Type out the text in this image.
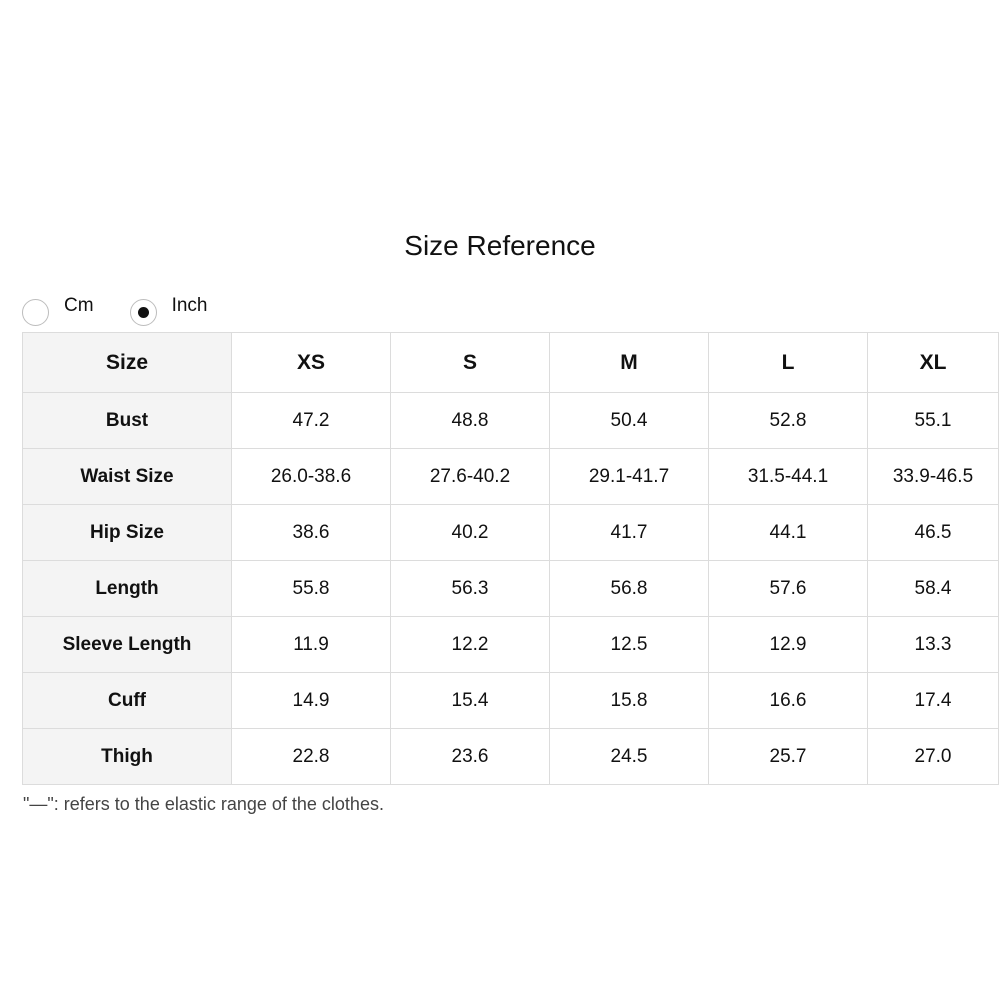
Size Reference
Cm	Inch
Size	XS	S	M	L	XL
Bust	47.2	48.8	50.4	52.8	55.1
Waist Size	26.0-38.6	27.6-40.2	29.1-41.7	31.5-44.1	33.9-46.5
Hip Size	38.6	40.2	41.7	44.1	46.5
Length	55.8	56.3	56.8	57.6	58.4
Sleeve Length	11.9	12.2	12.5	12.9	13.3
Cuff	14.9	15.4	15.8	16.6	17.4
Thigh	22.8	23.6	24.5	25.7	27.0
"—": refers to the elastic range of the clothes.
